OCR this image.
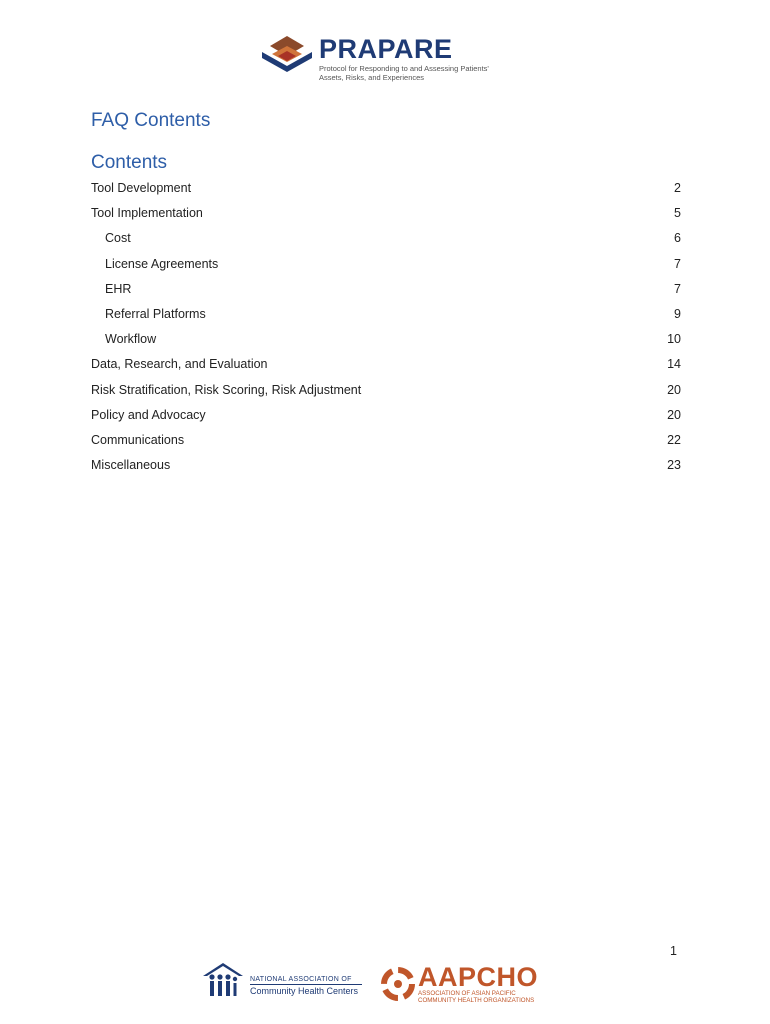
PRAPARE
Protocol for Responding to and Assessing Patients' Assets, Risks, and Experiences
FAQ Contents
Contents
Tool Development	2
Tool Implementation	5
Cost	6
License Agreements	7
EHR	7
Referral Platforms	9
Workflow	10
Data, Research, and Evaluation	14
Risk Stratification, Risk Scoring, Risk Adjustment	20
Policy and Advocacy	20
Communications	22
Miscellaneous	23
1
NATIONAL ASSOCIATION OF
Community Health Centers AAPCHO
ASSOCIATION OF ASIAN PACIFIC
COMMUNITY HEALTH ORGANIZATIONS
